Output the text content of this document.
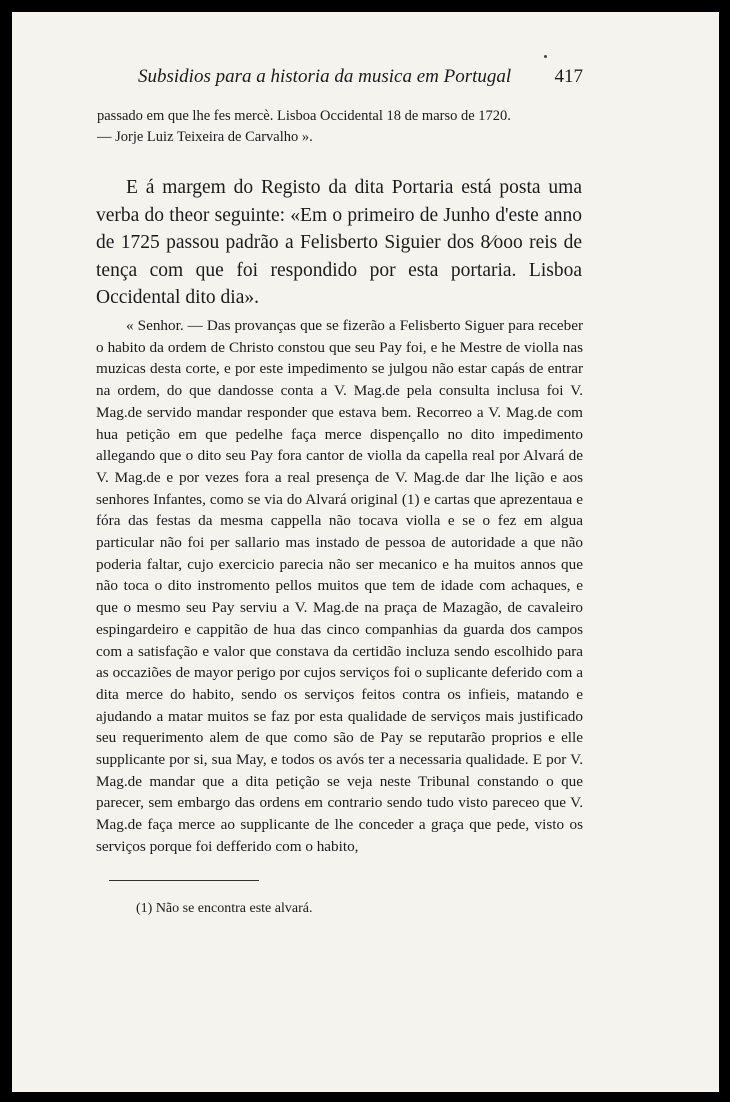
Subsidios para a historia da musica em Portugal 417

passado em que lhe fes mercè. Lisboa Occidental 18 de marso de 1720.

— Jorje Luiz Teixeira de Carvalho ».

E á margem do Registo da dita Portaria está posta uma verba do theor seguinte: «Em o primeiro de Junho d'este anno de 1725 passou padrão a Felisberto Siguier dos 8⁄ooo reis de tença com que foi respondido por esta portaria. Lisboa Occidental dito dia».

« Senhor. — Das provanças que se fizerão a Felisberto Siguer para receber o habito da ordem de Christo constou que seu Pay foi, e he Mestre de violla nas muzicas desta corte, e por este impedimento se julgou não estar capás de entrar na ordem, do que dandosse conta a V. Mag.de pela consulta inclusa foi V. Mag.de servido mandar responder que estava bem. Recorreo a V. Mag.de com hua petição em que pedelhe faça merce dispençallo no dito impedimento allegando que o dito seu Pay fora cantor de violla da capella real por Alvará de V. Mag.de e por vezes fora a real presença de V. Mag.de dar lhe lição e aos senhores Infantes, como se via do Alvará original (1) e cartas que aprezentaua e fóra das festas da mesma cappella não tocava violla e se o fez em algua particular não foi per sallario mas instado de pessoa de autoridade a que não poderia faltar, cujo exercicio parecia não ser mecanico e ha muitos annos que não toca o dito instromento pellos muitos que tem de idade com achaques, e que o mesmo seu Pay serviu a V. Mag.de na praça de Mazagão, de cavaleiro espingardeiro e cappitão de hua das cinco companhias da guarda dos campos com a satisfação e valor que constava da certidão incluza sendo escolhido para as occaziões de mayor perigo por cujos serviços foi o suplicante deferido com a dita merce do habito, sendo os serviços feitos contra os infieis, matando e ajudando a matar muitos se faz por esta qualidade de serviços mais justificado seu requerimento alem de que como são de Pay se reputarão proprios e elle supplicante por si, sua May, e todos os avós ter a necessaria qualidade. E por V. Mag.de mandar que a dita petição se veja neste Tribunal constando o que parecer, sem embargo das ordens em contrario sendo tudo visto pareceo que V. Mag.de faça merce ao supplicante de lhe conceder a graça que pede, visto os serviços porque foi defferido com o habito,

(1) Não se encontra este alvará.
